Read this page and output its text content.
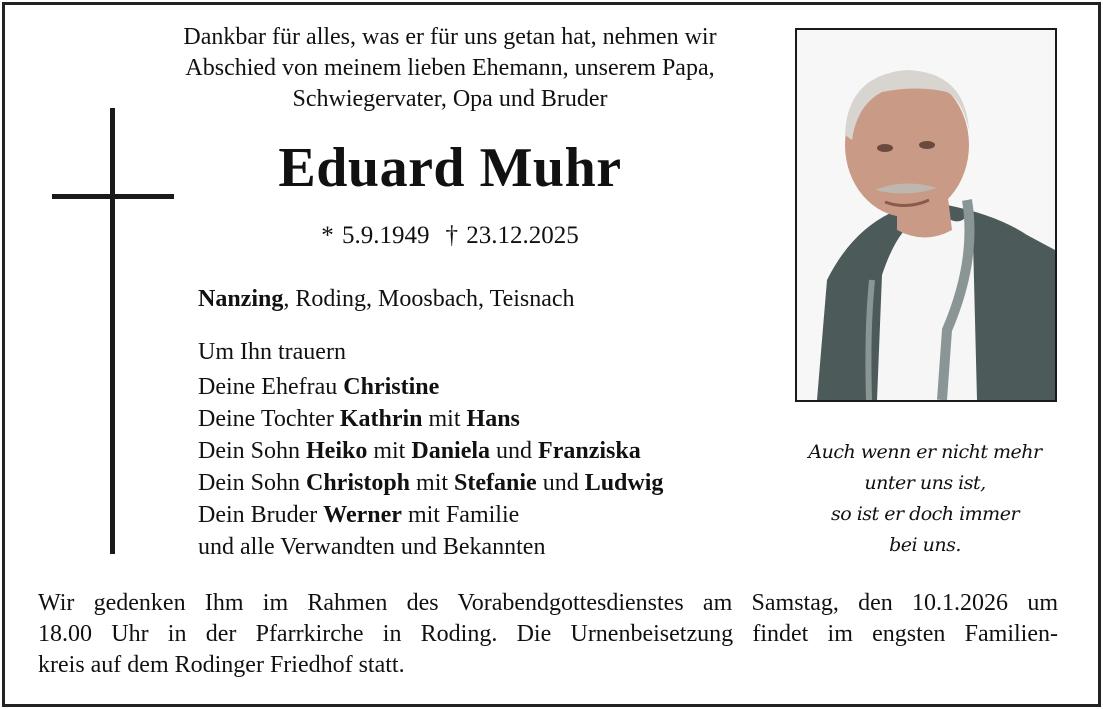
Dankbar für alles, was er für uns getan hat, nehmen wir
Abschied von meinem lieben Ehemann, unserem Papa,
Schwiegervater, Opa und Bruder
Eduard Muhr
* 5.9.1949 † 23.12.2025
Nanzing, Roding, Moosbach, Teisnach
Um Ihn trauern
Deine Ehefrau Christine
Deine Tochter Kathrin mit Hans
Dein Sohn Heiko mit Daniela und Franziska
Dein Sohn Christoph mit Stefanie und Ludwig
Dein Bruder Werner mit Familie
und alle Verwandten und Bekannten
Auch wenn er nicht mehr
unter uns ist,
so ist er doch immer
bei uns.
Wir gedenken Ihm im Rahmen des Vorabendgottesdienstes am Samstag, den 10.1.2026 um
18.00 Uhr in der Pfarrkirche in Roding. Die Urnenbeisetzung findet im engsten Familien-
kreis auf dem Rodinger Friedhof statt.
